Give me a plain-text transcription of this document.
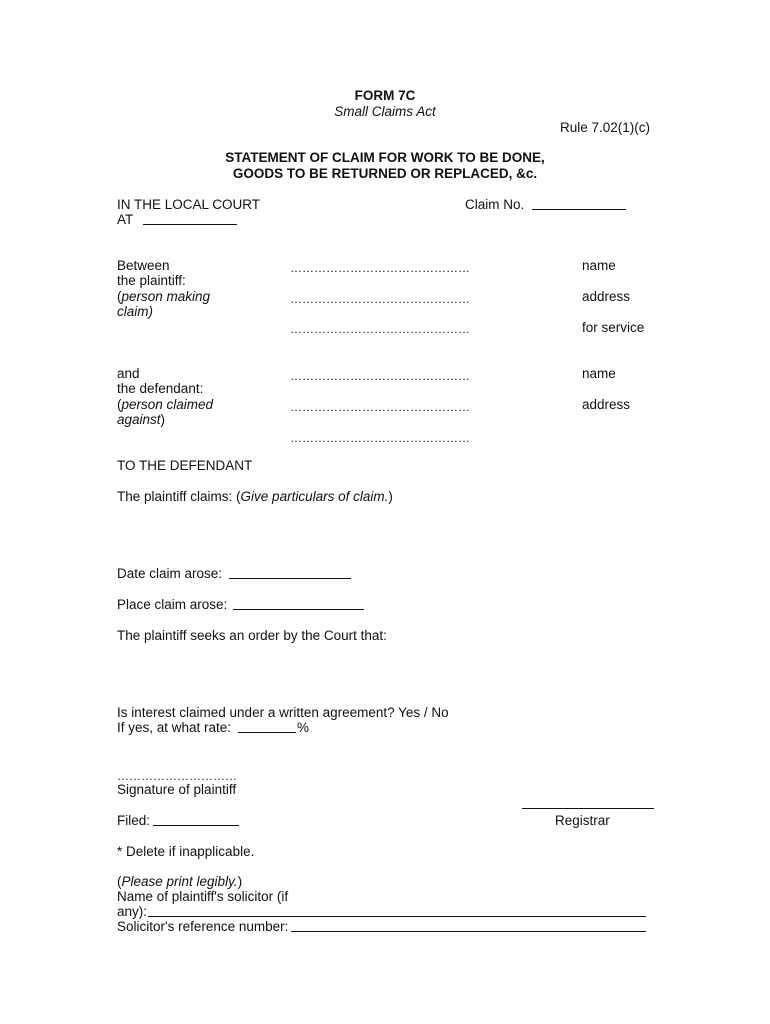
FORM 7C
Small Claims Act
Rule 7.02(1)(c)
STATEMENT OF CLAIM FOR WORK TO BE DONE,
GOODS TO BE RETURNED OR REPLACED, &c.
IN THE LOCAL COURT
AT
Claim No.
Between
the plaintiff:
(person making
claim)
………………………………………
………………………………………
………………………………………
name
address
for service
and
the defendant:
(person claimed
against)
………………………………………
………………………………………
………………………………………
name
address
TO THE DEFENDANT
The plaintiff claims: (Give particulars of claim.)
Date claim arose:
Place claim arose:
The plaintiff seeks an order by the Court that:
Is interest claimed under a written agreement? Yes / No
If yes, at what rate:	%
…………………………
Signature of plaintiff
Filed:	Registrar
* Delete if inapplicable.
(Please print legibly.)
Name of plaintiff's solicitor (if
any):
Solicitor's reference number:
